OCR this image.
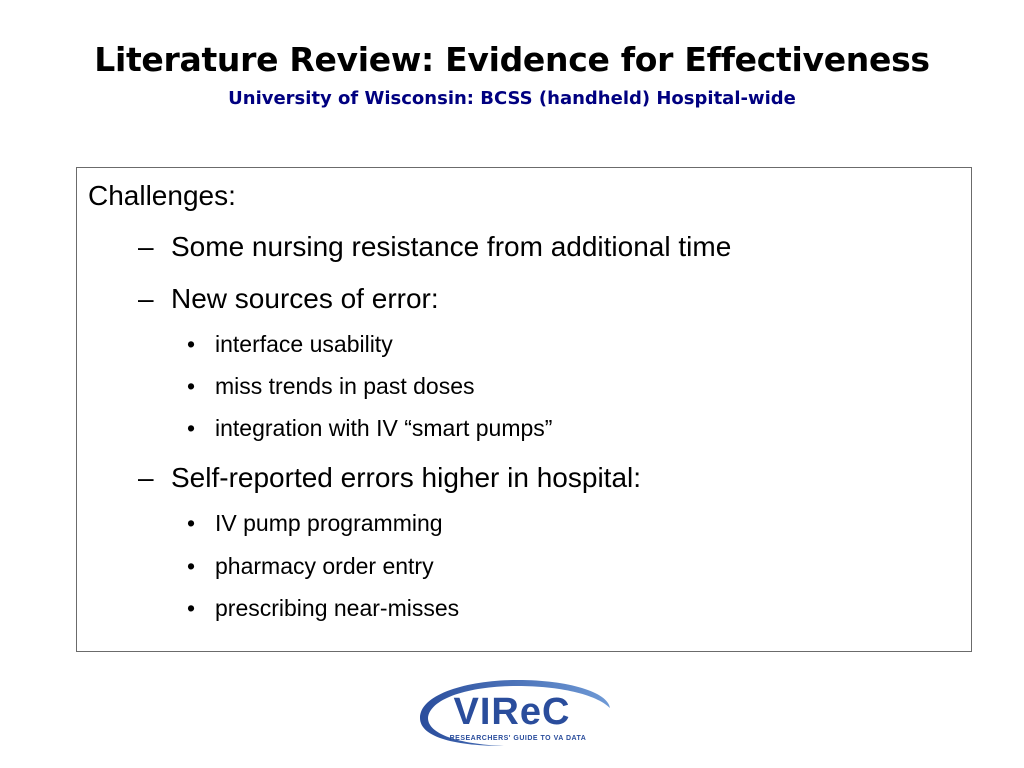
Literature Review: Evidence for Effectiveness
University of Wisconsin: BCSS (handheld) Hospital-wide
Challenges:
– Some nursing resistance from additional time
– New sources of error:
• interface usability
• miss trends in past doses
• integration with IV “smart pumps”
– Self-reported errors higher in hospital:
• IV pump programming
• pharmacy order entry
• prescribing near-misses
VIReC
RESEARCHERS' GUIDE TO VA DATA
